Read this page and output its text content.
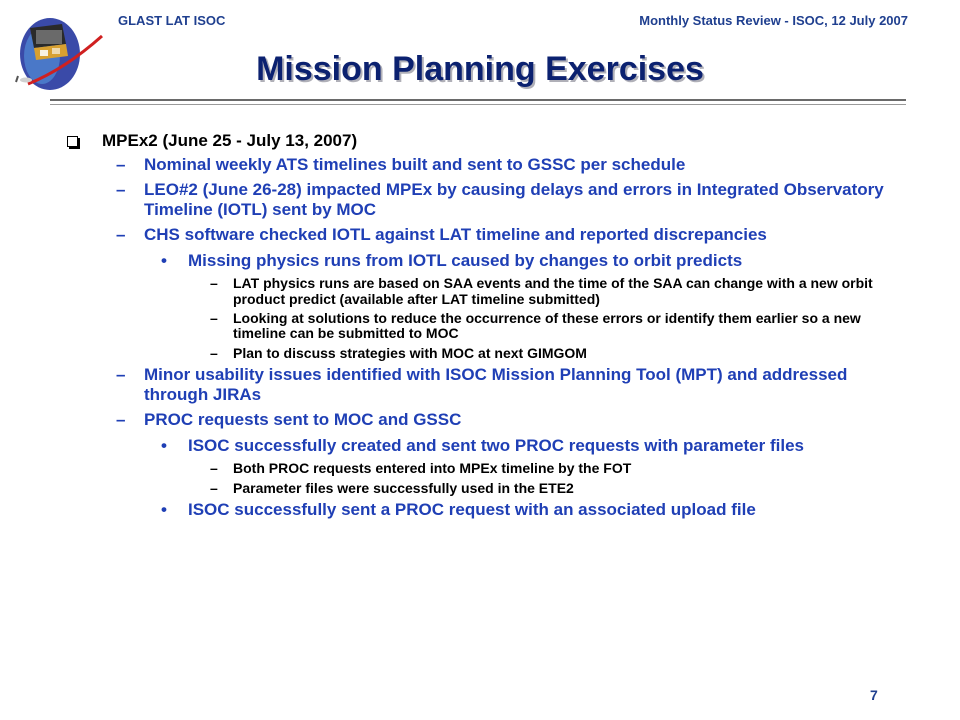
GLAST LAT ISOC	Monthly Status Review - ISOC, 12 July 2007
Mission Planning Exercises
MPEx2 (June 25 - July 13, 2007)
– Nominal weekly ATS timelines built and sent to GSSC per schedule
– LEO#2 (June 26-28) impacted MPEx by causing delays and errors in Integrated Observatory Timeline (IOTL) sent by MOC
– CHS software checked IOTL against LAT timeline and reported discrepancies
• Missing physics runs from IOTL caused by changes to orbit predicts
– LAT physics runs are based on SAA events and the time of the SAA can change with a new orbit product predict (available after LAT timeline submitted)
– Looking at solutions to reduce the occurrence of these errors or identify them earlier so a new timeline can be submitted to MOC
– Plan to discuss strategies with MOC at next GIMGOM
– Minor usability issues identified with ISOC Mission Planning Tool (MPT) and addressed through JIRAs
– PROC requests sent to MOC and GSSC
• ISOC successfully created and sent two PROC requests with parameter files
– Both PROC requests entered into MPEx timeline by the FOT
– Parameter files were successfully used in the ETE2
• ISOC successfully sent a PROC request with an associated upload file
7
